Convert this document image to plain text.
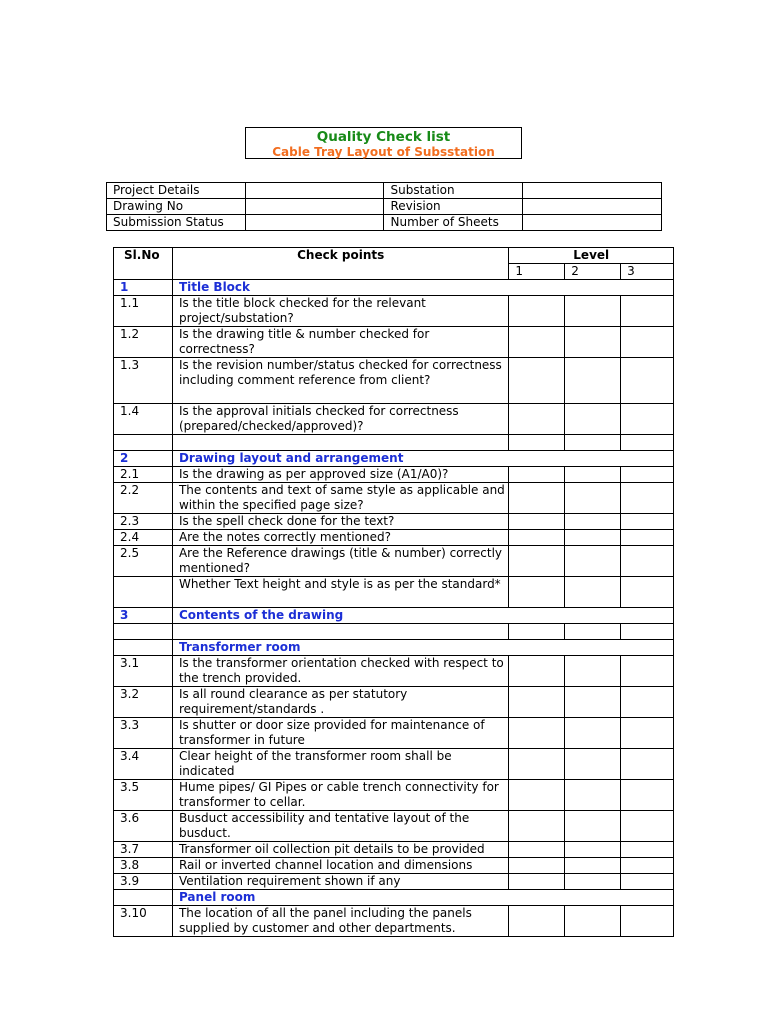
Quality Check list
Cable Tray Layout of Subsstation
Project Details		Substation	
Drawing No		Revision	
Submission Status		Number of Sheets	
Sl.No	Check points	Level		
		1	2	3
1	Title Block			
1.1	Is the title block checked for the relevant project/substation?			
1.2	Is the drawing title & number checked for correctness?			
1.3	Is the revision number/status checked for correctness including comment reference from client?			
1.4	Is the approval initials checked for correctness (prepared/checked/approved)?			

2	Drawing layout and arrangement			
2.1	Is the drawing as per approved size (A1/A0)?			
2.2	The contents and text of same style as applicable and within the specified page size?			
2.3	Is the spell check done for the text?			
2.4	Are the notes correctly mentioned?			
2.5	Are the Reference drawings (title & number) correctly mentioned?			
	Whether Text height and style is as per the standard*			
3	Contents of the drawing			

	Transformer room			
3.1	Is the transformer orientation checked with respect to the trench provided.			
3.2	Is all round clearance as per statutory requirement/standards .			
3.3	Is shutter or door size provided for maintenance of transformer in future			
3.4	Clear height of the transformer room shall be indicated			
3.5	Hume pipes/ GI Pipes or cable trench connectivity for transformer to cellar.			
3.6	Busduct accessibility and tentative layout of the busduct.			
3.7	Transformer oil collection pit details to be provided			
3.8	Rail or inverted channel location and dimensions			
3.9	Ventilation requirement shown if any			
	Panel room			
3.10	The location of all the panel including the panels supplied by customer and other departments.			
